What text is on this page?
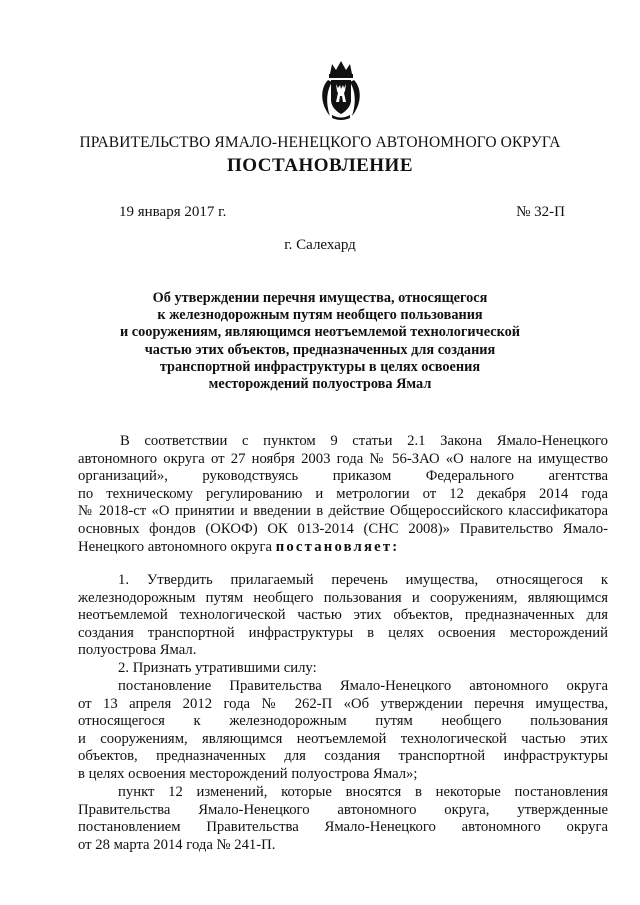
ПРАВИТЕЛЬСТВО ЯМАЛО-НЕНЕЦКОГО АВТОНОМНОГО ОКРУГА
ПОСТАНОВЛЕНИЕ
19 января 2017 г.	№ 32-П
г. Салехард
Об утверждении перечня имущества, относящегося
к железнодорожным путям необщего пользования
и сооружениям, являющимся неотъемлемой технологической
частью этих объектов, предназначенных для создания
транспортной инфраструктуры в целях освоения
месторождений полуострова Ямал
В соответствии с пунктом 9 статьи 2.1 Закона Ямало-Ненецкого
автономного округа от 27 ноября 2003 года № 56-ЗАО «О налоге на имущество
организаций», руководствуясь приказом Федерального агентства
по техническому регулированию и метрологии от 12 декабря 2014 года
№ 2018-ст «О принятии и введении в действие Общероссийского классификатора
основных фондов (ОКОФ) ОК 013-2014 (СНС 2008)» Правительство Ямало-
Ненецкого автономного округа постановляет:
1. Утвердить прилагаемый перечень имущества, относящегося к
железнодорожным путям необщего пользования и сооружениям, являющимся
неотъемлемой технологической частью этих объектов, предназначенных для
создания транспортной инфраструктуры в целях освоения месторождений
полуострова Ямал.
2. Признать утратившими силу:
постановление Правительства Ямало-Ненецкого автономного округа
от 13 апреля 2012 года № 262-П «Об утверждении перечня имущества,
относящегося к железнодорожным путям необщего пользования
и сооружениям, являющимся неотъемлемой технологической частью этих
объектов, предназначенных для создания транспортной инфраструктуры
в целях освоения месторождений полуострова Ямал»;
пункт 12 изменений, которые вносятся в некоторые постановления
Правительства Ямало-Ненецкого автономного округа, утвержденные
постановлением Правительства Ямало-Ненецкого автономного округа
от 28 марта 2014 года № 241-П.
